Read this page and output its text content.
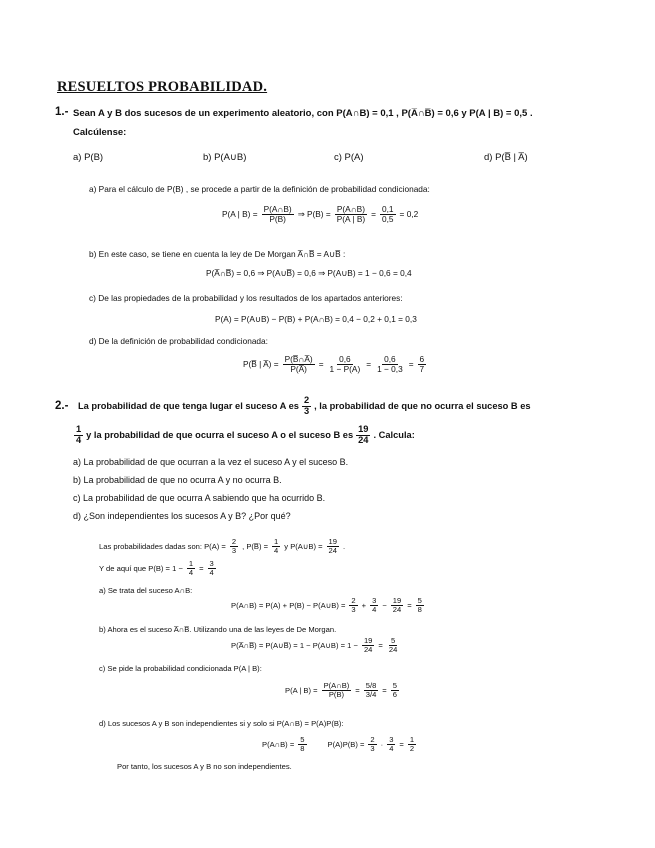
RESUELTOS PROBABILIDAD.
1.- Sean A y B dos sucesos de un experimento aleatorio, con P(A∩B) = 0,1 , P(A̅∩B̅) = 0,6 y P(A | B) = 0,5 .
Calcúlense:
a) P(B)	b) P(A∪B)	c) P(A)	d) P(B̅ | A̅)
a) Para el cálculo de P(B) , se procede a partir de la definición de probabilidad condicionada:
P(A | $B) = \frac{P(A\cap B)}{P(B)}$ ⇒ $P(B) = \frac{P(A\cap B)}{P(A | B)} = \frac{0,1}{0,5} = 0,2$
b) En este caso, se tiene en cuenta la ley de De Morgan A̅∩B̅ = A∪B̅ :
P(A̅∩B̅) = 0,6 ⇒ P(A∪B̅) = 0,6 ⇒ P(A∪B) = 1 − 0,6 = 0,4
c) De las propiedades de la probabilidad y los resultados de los apartados anteriores:
P(A) = P(A∪B) − P(B) + P(A∩B) = 0,4 − 0,2 + 0,1 = 0,3
d) De la definición de probabilidad condicionada:
P(B̅ | A̅) = $\frac{P(B̅\cap A̅)}{P(A̅)} = \frac{0,6}{1 - P(A)} = \frac{0,6}{1 - 0,3} = \frac{6}{7}$
2.- La probabilidad de que tenga lugar el suceso A es $\frac{2}{3}$ , la probabilidad de que no ocurra el suceso B es
$\frac{1}{4}$ y la probabilidad de que ocurra el suceso A o el suceso B es $\frac{19}{24}$ . Calcula:
a) La probabilidad de que ocurran a la vez el suceso A y el suceso B.
b) La probabilidad de que no ocurra A y no ocurra B.
c) La probabilidad de que ocurra A sabiendo que ha ocurrido B.
d) ¿Son independientes los sucesos A y B? ¿Por qué?
Las probabilidades dadas son: $P(A) = \frac{2}{3}$ , P(B̅) = $\frac{1}{4}$ y P(A∪B) = $\frac{19}{24}$ .
Y de aquí que $P(B) = 1 - \frac{1}{4} = \frac{3}{4}$
a) Se trata del suceso A∩B:
P(A∩B) = P(A) + P(B) − P(A∪B) = $\frac{2}{3} + \frac{3}{4} - \frac{19}{24} = \frac{5}{8}$
b) Ahora es el suceso A̅∩B̅. Utilizando una de las leyes de De Morgan.
P(A̅∩B̅) = P(A∪B̅) = 1 − P(A∪B) = $1 - \frac{19}{24} = \frac{5}{24}$
c) Se pide la probabilidad condicionada P(A | B):
P(A | $B) = \frac{P(A\cap B)}{P(B)} = \frac{5/8}{3/4} = \frac{5}{6}$
d) Los sucesos A y B son independientes si y solo si P(A∩B) = P(A)P(B):
P(A∩B) = $\frac{5}{8}$	$P(A)P(B) = \frac{2}{3} \cdot \frac{3}{4} = \frac{1}{2}$
Por tanto, los sucesos A y B no son independientes.
